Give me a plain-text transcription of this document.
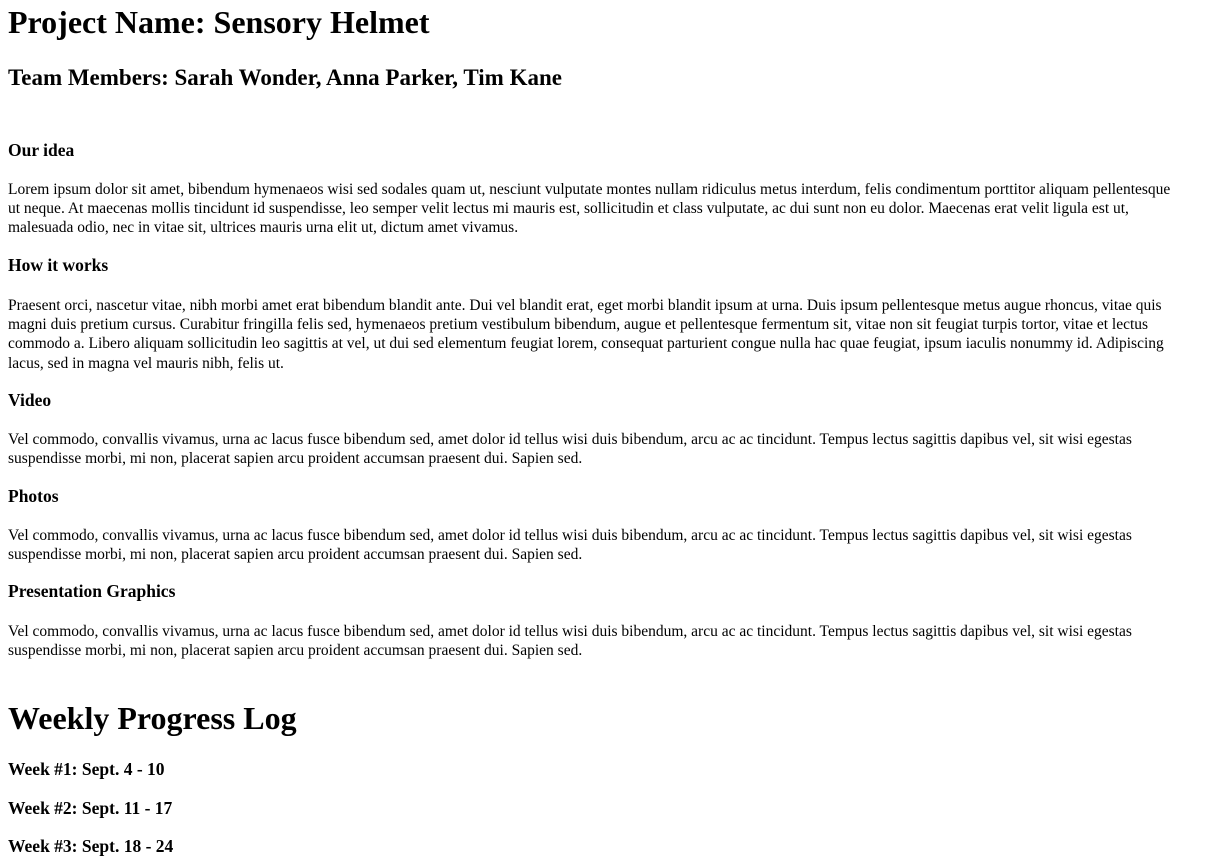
Project Name: Sensory Helmet
Team Members: Sarah Wonder, Anna Parker, Tim Kane
Our idea

Lorem ipsum dolor sit amet, bibendum hymenaeos wisi sed sodales quam ut, nesciunt vulputate montes nullam ridiculus metus interdum, felis condimentum porttitor aliquam pellentesque
ut neque. At maecenas mollis tincidunt id suspendisse, leo semper velit lectus mi mauris est, sollicitudin et class vulputate, ac dui sunt non eu dolor. Maecenas erat velit ligula est ut,
malesuada odio, nec in vitae sit, ultrices mauris urna elit ut, dictum amet vivamus.

How it works

Praesent orci, nascetur vitae, nibh morbi amet erat bibendum blandit ante. Dui vel blandit erat, eget morbi blandit ipsum at urna. Duis ipsum pellentesque metus augue rhoncus, vitae quis
magni duis pretium cursus. Curabitur fringilla felis sed, hymenaeos pretium vestibulum bibendum, augue et pellentesque fermentum sit, vitae non sit feugiat turpis tortor, vitae et lectus
commodo a. Libero aliquam sollicitudin leo sagittis at vel, ut dui sed elementum feugiat lorem, consequat parturient congue nulla hac quae feugiat, ipsum iaculis nonummy id. Adipiscing
lacus, sed in magna vel mauris nibh, felis ut.

Video

Vel commodo, convallis vivamus, urna ac lacus fusce bibendum sed, amet dolor id tellus wisi duis bibendum, arcu ac ac tincidunt. Tempus lectus sagittis dapibus vel, sit wisi egestas
suspendisse morbi, mi non, placerat sapien arcu proident accumsan praesent dui. Sapien sed.

Photos

Vel commodo, convallis vivamus, urna ac lacus fusce bibendum sed, amet dolor id tellus wisi duis bibendum, arcu ac ac tincidunt. Tempus lectus sagittis dapibus vel, sit wisi egestas
suspendisse morbi, mi non, placerat sapien arcu proident accumsan praesent dui. Sapien sed.

Presentation Graphics

Vel commodo, convallis vivamus, urna ac lacus fusce bibendum sed, amet dolor id tellus wisi duis bibendum, arcu ac ac tincidunt. Tempus lectus sagittis dapibus vel, sit wisi egestas
suspendisse morbi, mi non, placerat sapien arcu proident accumsan praesent dui. Sapien sed.

Weekly Progress Log
Week #1: Sept. 4 - 10
Week #2: Sept. 11 - 17
Week #3: Sept. 18 - 24
